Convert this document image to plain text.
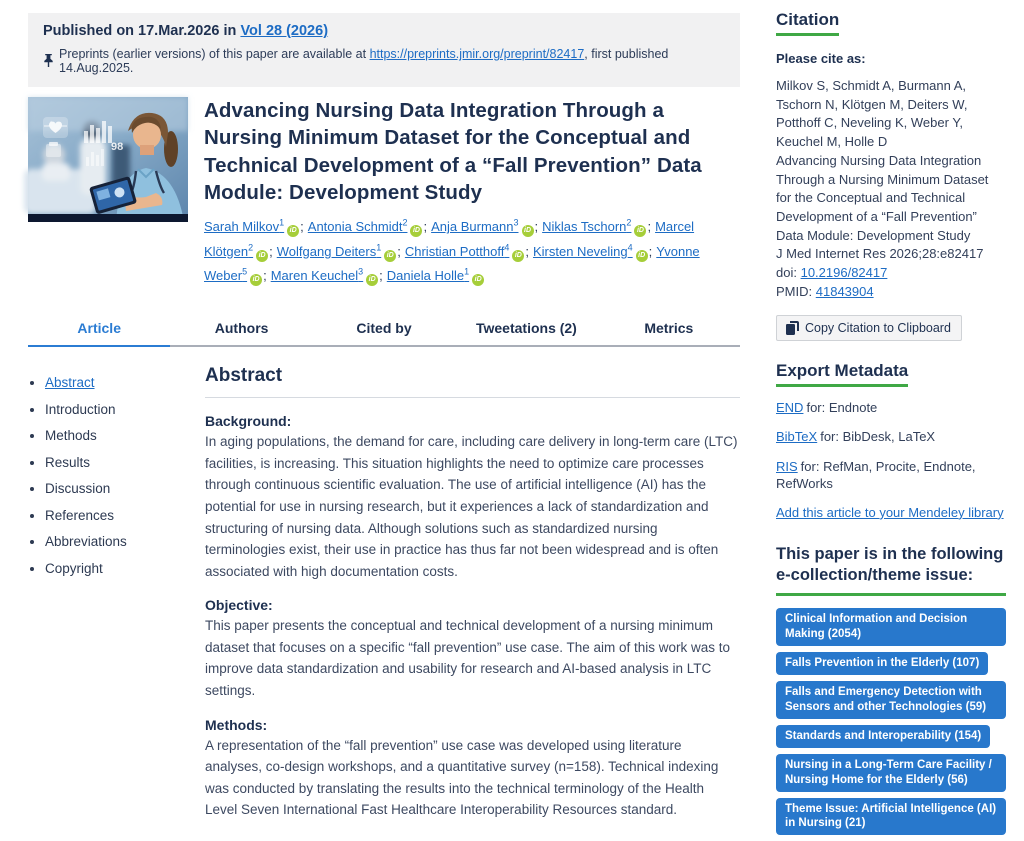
Published on 17.Mar.2026 in Vol 28 (2026)
Preprints (earlier versions) of this paper are available at https://preprints.jmir.org/preprint/82417, first published 14.Aug.2025.
98
Advancing Nursing Data Integration Through a Nursing Minimum Dataset for the Conceptual and Technical Development of a “Fall Prevention” Data Module: Development Study
Sarah Milkov$^1$iD ; Antonia Schmidt$^2$iD ; Anja Burmann$^3$iD ; Niklas Tschorn$^2$iD ; Marcel Klötgen$^2$iD ; Wolfgang Deiters$^1$iD ; Christian Potthoff$^4$iD ; Kirsten Neveling$^4$iD ; Yvonne Weber$^5$iD ; Maren Keuchel$^3$iD ; Daniela Holle$^1$iD
Article	Authors	Cited by	Tweetations (2)	Metrics
• Abstract
• Introduction
• Methods
• Results
• Discussion
• References
• Abbreviations
• Copyright
Abstract
Background:
In aging populations, the demand for care, including care delivery in long-term care (LTC) facilities, is increasing. This situation highlights the need to optimize care processes through continuous scientific evaluation. The use of artificial intelligence (AI) has the potential for use in nursing research, but it experiences a lack of standardization and structuring of nursing data. Although solutions such as standardized nursing terminologies exist, their use in practice has thus far not been widespread and is often associated with high documentation costs.
Objective:
This paper presents the conceptual and technical development of a nursing minimum dataset that focuses on a specific “fall prevention” use case. The aim of this work was to improve data standardization and usability for research and AI-based analysis in LTC settings.
Methods:
A representation of the “fall prevention” use case was developed using literature analyses, co-design workshops, and a quantitative survey (n=158). Technical indexing was conducted by translating the results into the technical terminology of the Health Level Seven International Fast Healthcare Interoperability Resources standard.
Citation
Please cite as:
Milkov S, Schmidt A, Burmann A, Tschorn N, Klötgen M, Deiters W, Potthoff C, Neveling K, Weber Y, Keuchel M, Holle D
Advancing Nursing Data Integration Through a Nursing Minimum Dataset for the Conceptual and Technical Development of a “Fall Prevention” Data Module: Development Study
J Med Internet Res 2026;28:e82417
doi: 10.2196/82417
PMID: 41843904
Copy Citation to Clipboard
Export Metadata
END for: Endnote
BibTeX for: BibDesk, LaTeX
RIS for: RefMan, Procite, Endnote, RefWorks
Add this article to your Mendeley library
This paper is in the following e-collection/theme issue:
Clinical Information and Decision Making (2054)
Falls Prevention in the Elderly (107)
Falls and Emergency Detection with Sensors and other Technologies (59)
Standards and Interoperability (154)
Nursing in a Long-Term Care Facility / Nursing Home for the Elderly (56)
Theme Issue: Artificial Intelligence (AI) in Nursing (21)
